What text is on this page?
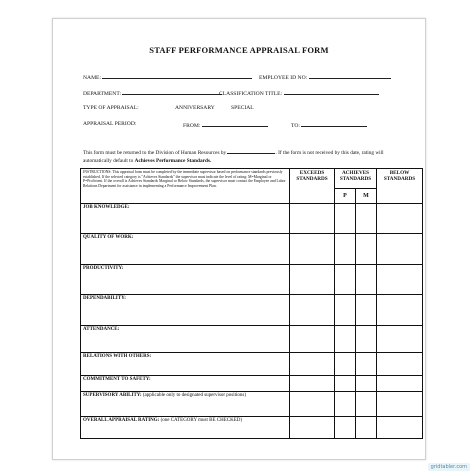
STAFF PERFORMANCE APPRAISAL FORM
NAME:	EMPLOYEE ID NO:
DEPARTMENT:	CLASSIFICATION TITLE:
TYPE OF APPRAISAL:	ANNIVERSARY	SPECIAL
APPRAISAL PERIOD:	FROM:	TO:
This form must be returned to the Division of Human Resources by	. If the form is not received by this date, rating will automatically default to Achieves Performance Standards.
INSTRUCTIONS: This appraisal form must be completed by the immediate supervisor based on performance standards previously established. If the selected category is "Achieves Standards" the supervisor must indicate the level of rating: M=Marginal or P=Proficient. If the overall is Achieves Standards Marginal or Below Standards, the supervisor must contact the Employee and Labor Relations Department for assistance in implementing a Performance Improvement Plan.	EXCEEDS STANDARDS	ACHIEVES STANDARDS		BELOW STANDARDS
		P	M	
JOB KNOWLEDGE:				
QUALITY OF WORK:				
PRODUCTIVITY:				
DEPENDABILITY:				
ATTENDANCE:				
RELATIONS WITH OTHERS:				
COMMITMENT TO SAFETY:				
SUPERVISORY ABILITY: (applicable only to designated supervisor positions)				
OVERALL APPRAISAL RATING: (one CATEGORY must BE CHECKED)				
gridtabler.com
